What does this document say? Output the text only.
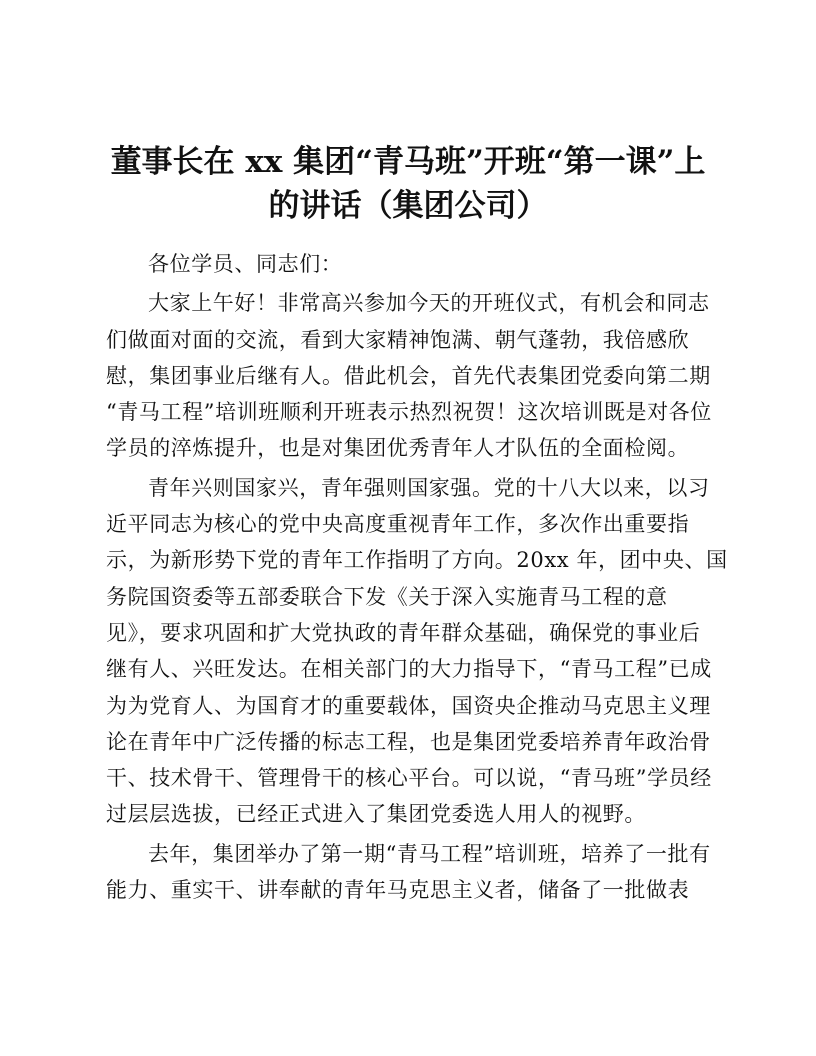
董事长在 xx 集团“青马班”开班“第一课”上
的讲话（集团公司）

各位学员、同志们：

大家上午好！非常高兴参加今天的开班仪式，有机会和同志
们做面对面的交流，看到大家精神饱满、朝气蓬勃，我倍感欣
慰，集团事业后继有人。借此机会，首先代表集团党委向第二期
“青马工程”培训班顺利开班表示热烈祝贺！这次培训既是对各位
学员的淬炼提升，也是对集团优秀青年人才队伍的全面检阅。

青年兴则国家兴，青年强则国家强。党的十八大以来，以习
近平同志为核心的党中央高度重视青年工作，多次作出重要指
示，为新形势下党的青年工作指明了方向。20xx 年，团中央、国
务院国资委等五部委联合下发《关于深入实施青马工程的意
见》，要求巩固和扩大党执政的青年群众基础，确保党的事业后
继有人、兴旺发达。在相关部门的大力指导下，“青马工程”已成
为为党育人、为国育才的重要载体，国资央企推动马克思主义理
论在青年中广泛传播的标志工程，也是集团党委培养青年政治骨
干、技术骨干、管理骨干的核心平台。可以说，“青马班”学员经
过层层选拔，已经正式进入了集团党委选人用人的视野。

去年，集团举办了第一期“青马工程”培训班，培养了一批有
能力、重实干、讲奉献的青年马克思主义者，储备了一批做表
